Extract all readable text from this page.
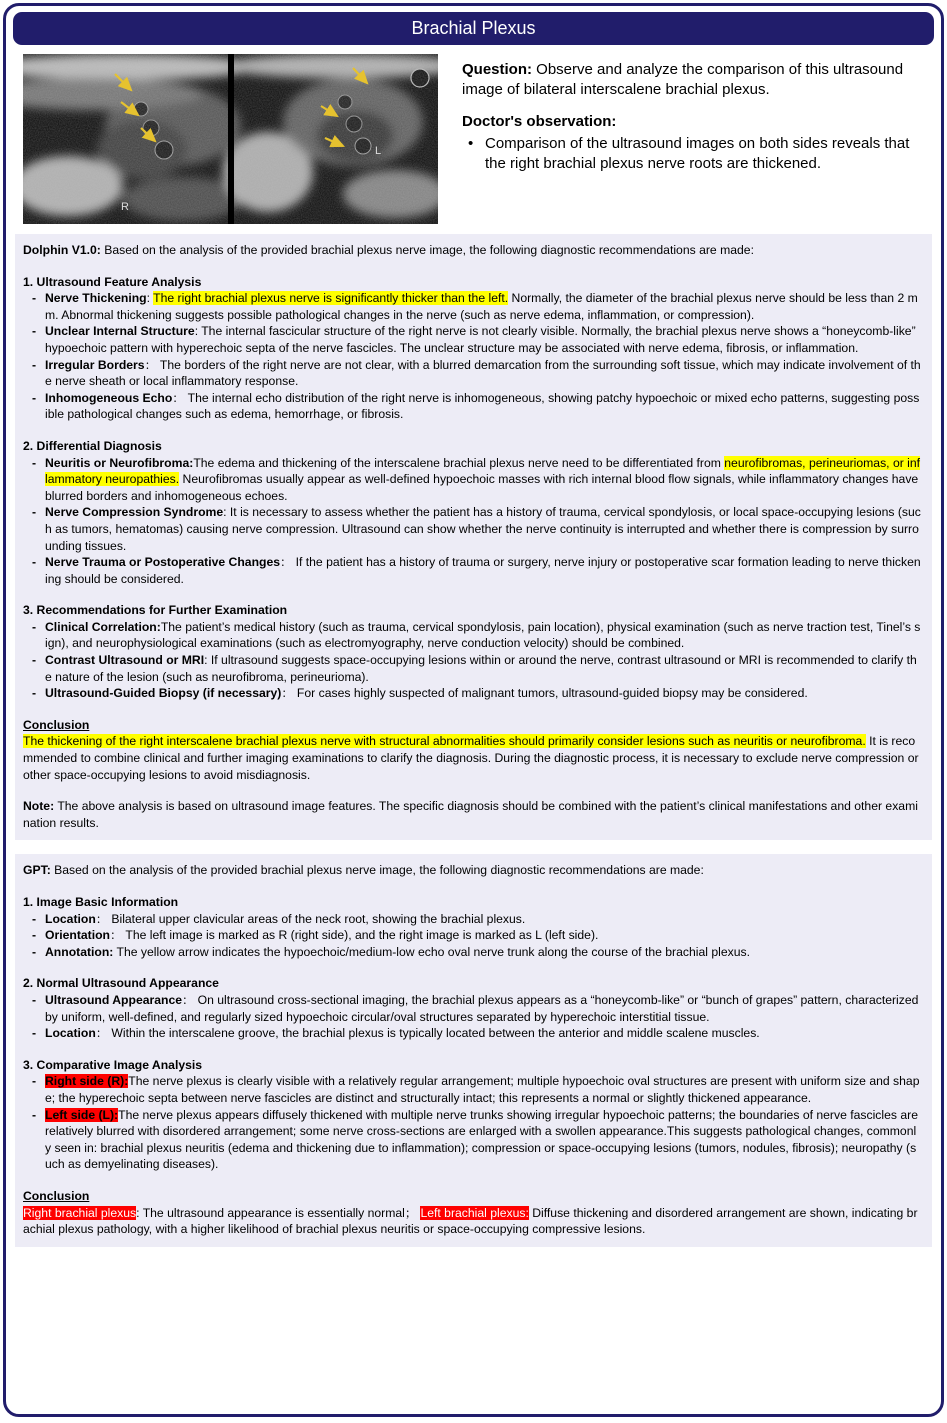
Brachial Plexus
R
L

Question: Observe and analyze the comparison of this ultrasound image of bilateral interscalene brachial plexus.

Doctor's observation:

• Comparison of the ultrasound images on both sides reveals that the right brachial plexus nerve roots are thickened.
Dolphin V1.0: Based on the analysis of the provided brachial plexus nerve image, the following diagnostic recommendations are made:
1. Ultrasound Feature Analysis
- Nerve Thickening: The right brachial plexus nerve is significantly thicker than the left. Normally, the diameter of the brachial plexus nerve should be less than 2 mm. Abnormal thickening suggests possible pathological changes in the nerve (such as nerve edema, inflammation, or compression).
- Unclear Internal Structure: The internal fascicular structure of the right nerve is not clearly visible. Normally, the brachial plexus nerve shows a “honeycomb-like” hypoechoic pattern with hyperechoic septa of the nerve fascicles. The unclear structure may be associated with nerve edema, fibrosis, or inflammation.
- Irregular Borders： The borders of the right nerve are not clear, with a blurred demarcation from the surrounding soft tissue, which may indicate involvement of the nerve sheath or local inflammatory response.
- Inhomogeneous Echo： The internal echo distribution of the right nerve is inhomogeneous, showing patchy hypoechoic or mixed echo patterns, suggesting possible pathological changes such as edema, hemorrhage, or fibrosis.
2. Differential Diagnosis
- Neuritis or Neurofibroma:The edema and thickening of the interscalene brachial plexus nerve need to be differentiated from neurofibromas, perineuriomas, or inflammatory neuropathies. Neurofibromas usually appear as well-defined hypoechoic masses with rich internal blood flow signals, while inflammatory changes have blurred borders and inhomogeneous echoes.
- Nerve Compression Syndrome: It is necessary to assess whether the patient has a history of trauma, cervical spondylosis, or local space-occupying lesions (such as tumors, hematomas) causing nerve compression. Ultrasound can show whether the nerve continuity is interrupted and whether there is compression by surrounding tissues.
- Nerve Trauma or Postoperative Changes： If the patient has a history of trauma or surgery, nerve injury or postoperative scar formation leading to nerve thickening should be considered.
3. Recommendations for Further Examination
- Clinical Correlation:The patient’s medical history (such as trauma, cervical spondylosis, pain location), physical examination (such as nerve traction test, Tinel’s sign), and neurophysiological examinations (such as electromyography, nerve conduction velocity) should be combined.
- Contrast Ultrasound or MRI: If ultrasound suggests space-occupying lesions within or around the nerve, contrast ultrasound or MRI is recommended to clarify the nature of the lesion (such as neurofibroma, perineurioma).
- Ultrasound-Guided Biopsy (if necessary)： For cases highly suspected of malignant tumors, ultrasound-guided biopsy may be considered.
Conclusion
The thickening of the right interscalene brachial plexus nerve with structural abnormalities should primarily consider lesions such as neuritis or neurofibroma. It is recommended to combine clinical and further imaging examinations to clarify the diagnosis. During the diagnostic process, it is necessary to exclude nerve compression or other space-occupying lesions to avoid misdiagnosis.
Note: The above analysis is based on ultrasound image features. The specific diagnosis should be combined with the patient’s clinical manifestations and other examination results.
GPT: Based on the analysis of the provided brachial plexus nerve image, the following diagnostic recommendations are made:
1. Image Basic Information
- Location： Bilateral upper clavicular areas of the neck root, showing the brachial plexus.
- Orientation： The left image is marked as R (right side), and the right image is marked as L (left side).
- Annotation: The yellow arrow indicates the hypoechoic/medium-low echo oval nerve trunk along the course of the brachial plexus.
2. Normal Ultrasound Appearance
- Ultrasound Appearance： On ultrasound cross-sectional imaging, the brachial plexus appears as a “honeycomb-like” or “bunch of grapes” pattern, characterized by uniform, well-defined, and regularly sized hypoechoic circular/oval structures separated by hyperechoic interstitial tissue.
- Location： Within the interscalene groove, the brachial plexus is typically located between the anterior and middle scalene muscles.
3. Comparative Image Analysis
- Right side (R):The nerve plexus is clearly visible with a relatively regular arrangement; multiple hypoechoic oval structures are present with uniform size and shape; the hyperechoic septa between nerve fascicles are distinct and structurally intact; this represents a normal or slightly thickened appearance.
- Left side (L):The nerve plexus appears diffusely thickened with multiple nerve trunks showing irregular hypoechoic patterns; the boundaries of nerve fascicles are relatively blurred with disordered arrangement; some nerve cross-sections are enlarged with a swollen appearance.This suggests pathological changes, commonly seen in: brachial plexus neuritis (edema and thickening due to inflammation); compression or space-occupying lesions (tumors, nodules, fibrosis); neuropathy (such as demyelinating diseases).
Conclusion
Right brachial plexus: The ultrasound appearance is essentially normal； Left brachial plexus: Diffuse thickening and disordered arrangement are shown, indicating brachial plexus pathology, with a higher likelihood of brachial plexus neuritis or space-occupying compressive lesions.
